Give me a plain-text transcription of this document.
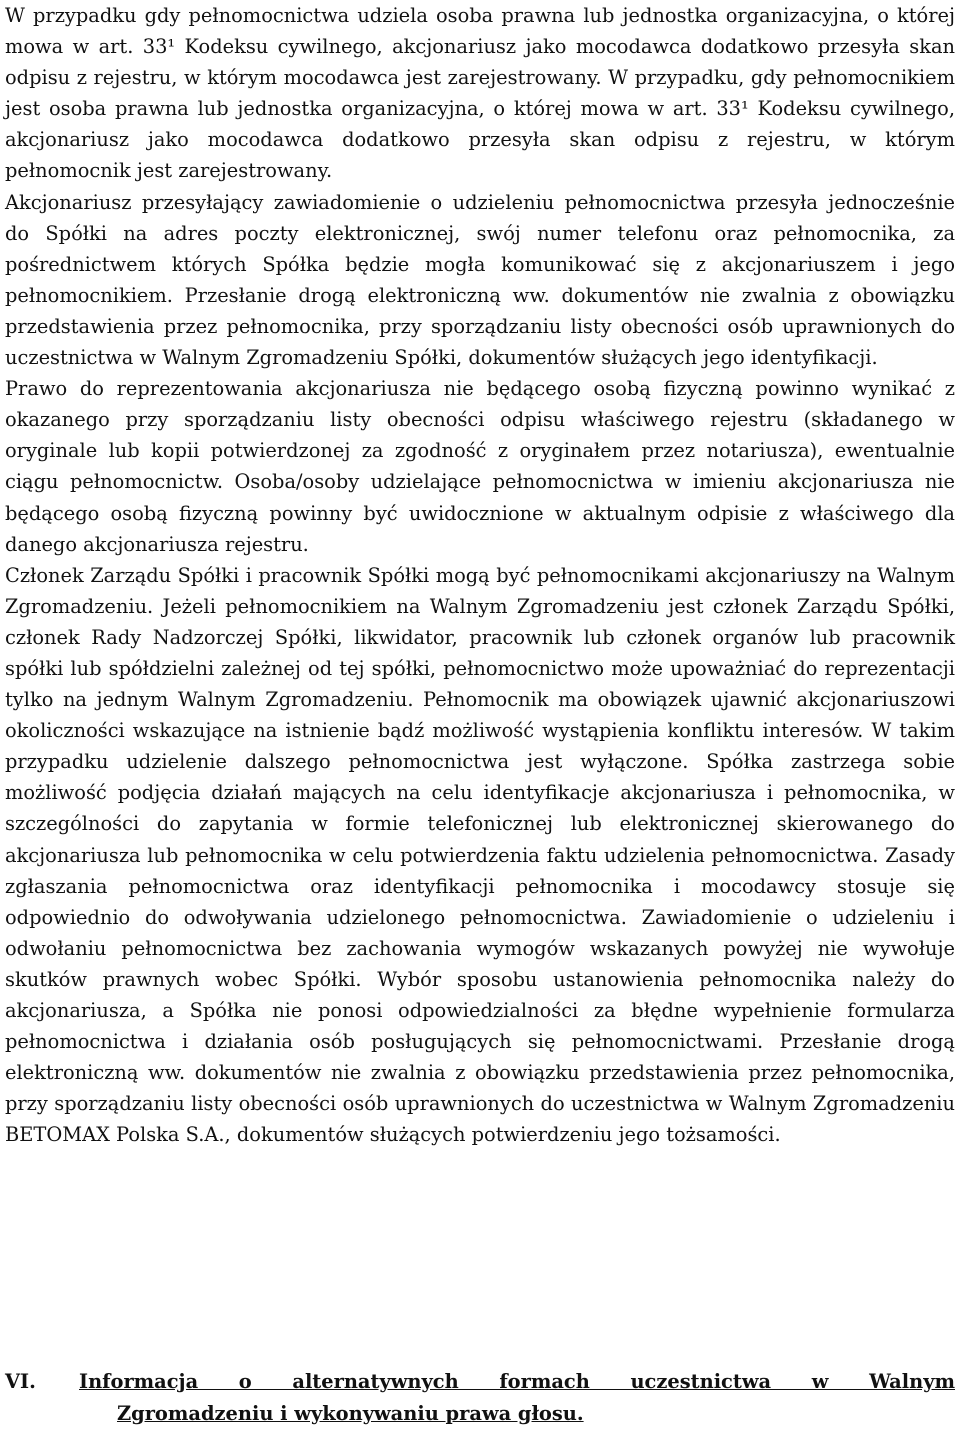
W przypadku gdy pełnomocnictwa udziela osoba prawna lub jednostka organizacyjna, o której mowa w art. 33¹ Kodeksu cywilnego, akcjonariusz jako mocodawca dodatkowo przesyła skan odpisu z rejestru, w którym mocodawca jest zarejestrowany. W przypadku, gdy pełnomocnikiem jest osoba prawna lub jednostka organizacyjna, o której mowa w art. 33¹ Kodeksu cywilnego, akcjonariusz jako mocodawca dodatkowo przesyła skan odpisu z rejestru, w którym pełnomocnik jest zarejestrowany.

Akcjonariusz przesyłający zawiadomienie o udzieleniu pełnomocnictwa przesyła jednocześnie do Spółki na adres poczty elektronicznej, swój numer telefonu oraz pełnomocnika, za pośrednictwem których Spółka będzie mogła komunikować się z akcjonariuszem i jego pełnomocnikiem. Przesłanie drogą elektroniczną ww. dokumentów nie zwalnia z obowiązku przedstawienia przez pełnomocnika, przy sporządzaniu listy obecności osób uprawnionych do uczestnictwa w Walnym Zgromadzeniu Spółki, dokumentów służących jego identyfikacji.

Prawo do reprezentowania akcjonariusza nie będącego osobą fizyczną powinno wynikać z okazanego przy sporządzaniu listy obecności odpisu właściwego rejestru (składanego w oryginale lub kopii potwierdzonej za zgodność z oryginałem przez notariusza), ewentualnie ciągu pełnomocnictw. Osoba/osoby udzielające pełnomocnictwa w imieniu akcjonariusza nie będącego osobą fizyczną powinny być uwidocznione w aktualnym odpisie z właściwego dla danego akcjonariusza rejestru.

Członek Zarządu Spółki i pracownik Spółki mogą być pełnomocnikami akcjonariuszy na Walnym Zgromadzeniu. Jeżeli pełnomocnikiem na Walnym Zgromadzeniu jest członek Zarządu Spółki, członek Rady Nadzorczej Spółki, likwidator, pracownik lub członek organów lub pracownik spółki lub spółdzielni zależnej od tej spółki, pełnomocnictwo może upoważniać do reprezentacji tylko na jednym Walnym Zgromadzeniu. Pełnomocnik ma obowiązek ujawnić akcjonariuszowi okoliczności wskazujące na istnienie bądź możliwość wystąpienia konfliktu interesów. W takim przypadku udzielenie dalszego pełnomocnictwa jest wyłączone. Spółka zastrzega sobie możliwość podjęcia działań mających na celu identyfikacje akcjonariusza i pełnomocnika, w szczególności do zapytania w formie telefonicznej lub elektronicznej skierowanego do akcjonariusza lub pełnomocnika w celu potwierdzenia faktu udzielenia pełnomocnictwa. Zasady zgłaszania pełnomocnictwa oraz identyfikacji pełnomocnika i mocodawcy stosuje się odpowiednio do odwoływania udzielonego pełnomocnictwa. Zawiadomienie o udzieleniu i odwołaniu pełnomocnictwa bez zachowania wymogów wskazanych powyżej nie wywołuje skutków prawnych wobec Spółki. Wybór sposobu ustanowienia pełnomocnika należy do akcjonariusza, a Spółka nie ponosi odpowiedzialności za błędne wypełnienie formularza pełnomocnictwa i działania osób posługujących się pełnomocnictwami. Przesłanie drogą elektroniczną ww. dokumentów nie zwalnia z obowiązku przedstawienia przez pełnomocnika, przy sporządzaniu listy obecności osób uprawnionych do uczestnictwa w Walnym Zgromadzeniu BETOMAX Polska S.A., dokumentów służących potwierdzeniu jego tożsamości.

VI. Informacja o alternatywnych formach uczestnictwa w Walnym
Zgromadzeniu i wykonywaniu prawa głosu.
